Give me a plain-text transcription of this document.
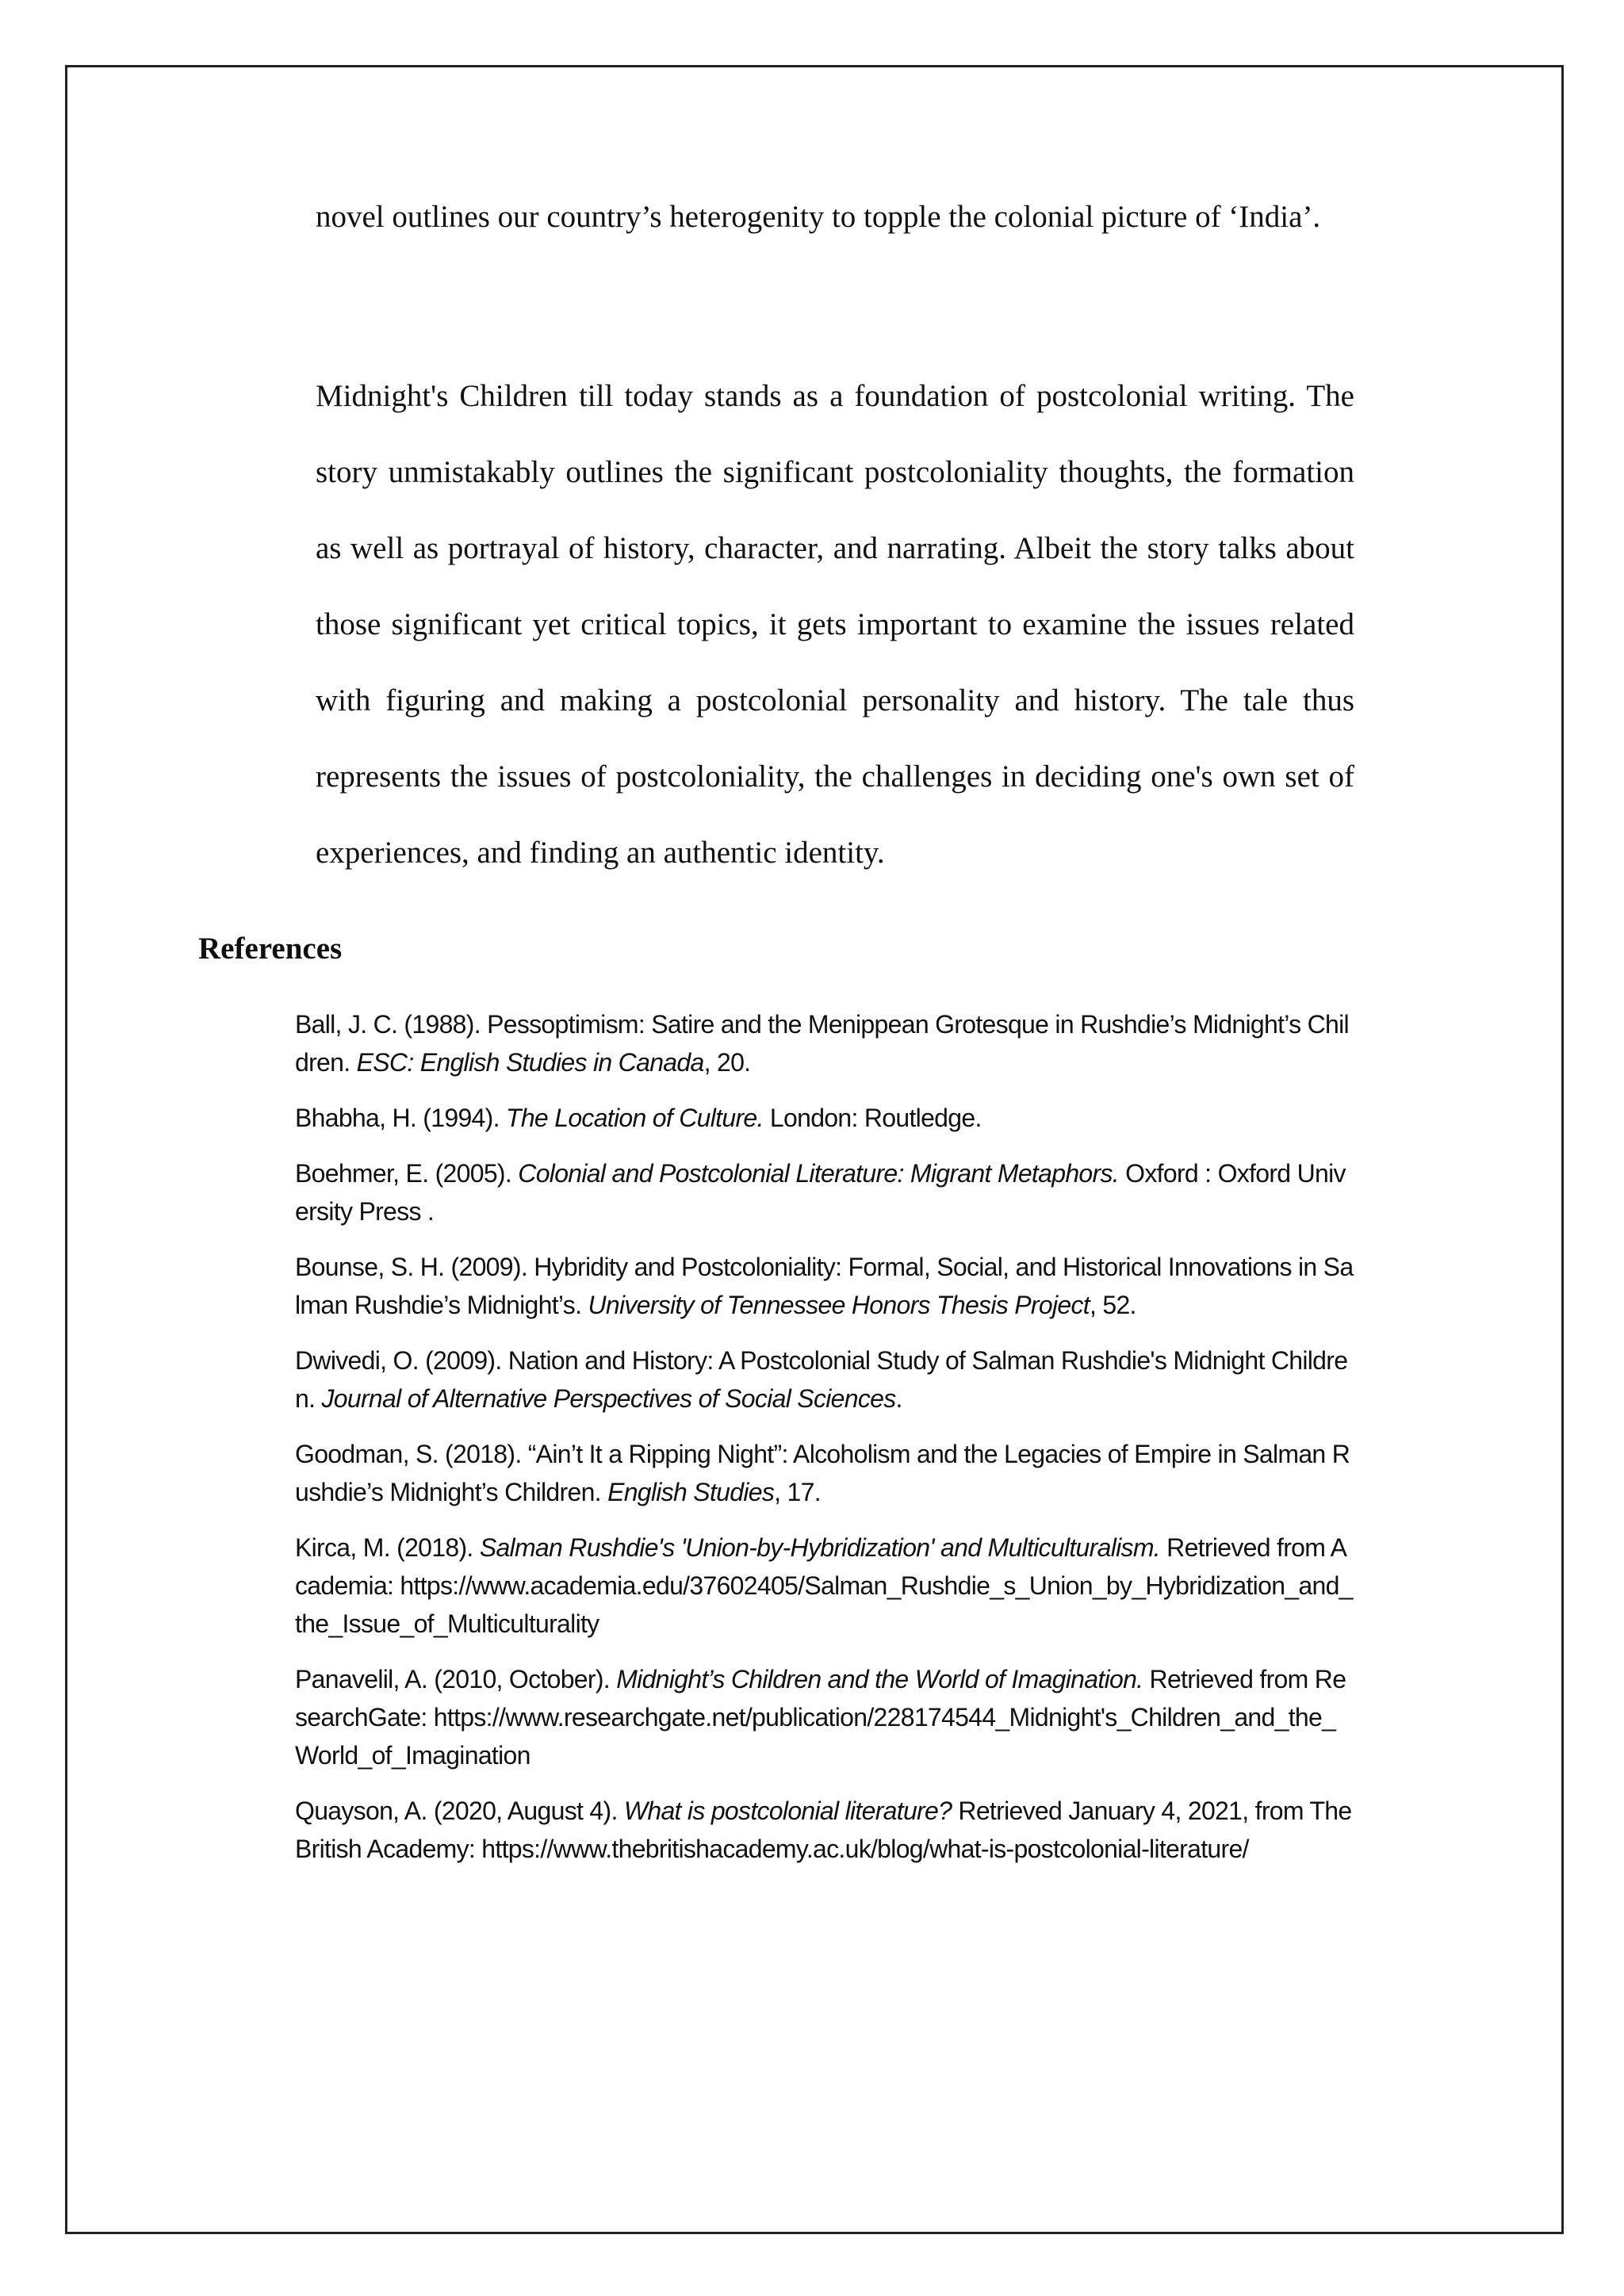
novel outlines our country’s heterogenity to topple the colonial picture of ‘India’.

Midnight's Children till today stands as a foundation of postcolonial writing. The story unmistakably outlines the significant postcoloniality thoughts, the formation as well as portrayal of history, character, and narrating. Albeit the story talks about those significant yet critical topics, it gets important to examine the issues related with figuring and making a postcolonial personality and history. The tale thus represents the issues of postcoloniality, the challenges in deciding one's own set of experiences, and finding an authentic identity.

References
Ball, J. C. (1988). Pessoptimism: Satire and the Menippean Grotesque in Rushdie’s Midnight’s Children. ESC: English Studies in Canada, 20.
Bhabha, H. (1994). The Location of Culture. London: Routledge.
Boehmer, E. (2005). Colonial and Postcolonial Literature: Migrant Metaphors. Oxford : Oxford University Press .
Bounse, S. H. (2009). Hybridity and Postcoloniality: Formal, Social, and Historical Innovations in Salman Rushdie’s Midnight’s. University of Tennessee Honors Thesis Project, 52.
Dwivedi, O. (2009). Nation and History: A Postcolonial Study of Salman Rushdie's Midnight Children. Journal of Alternative Perspectives of Social Sciences.
Goodman, S. (2018). “Ain’t It a Ripping Night”: Alcoholism and the Legacies of Empire in Salman Rushdie’s Midnight’s Children. English Studies, 17.
Kirca, M. (2018). Salman Rushdie's 'Union-by-Hybridization' and Multiculturalism. Retrieved from Academia: https://www.academia.edu/37602405/Salman_Rushdie_s_Union_by_Hybridization_and_the_Issue_of_Multiculturality
Panavelil, A. (2010, October). Midnight’s Children and the World of Imagination. Retrieved from ResearchGate: https://www.researchgate.net/publication/228174544_Midnight's_Children_and_the_World_of_Imagination
Quayson, A. (2020, August 4). What is postcolonial literature? Retrieved January 4, 2021, from The British Academy: https://www.thebritishacademy.ac.uk/blog/what-is-postcolonial-literature/
